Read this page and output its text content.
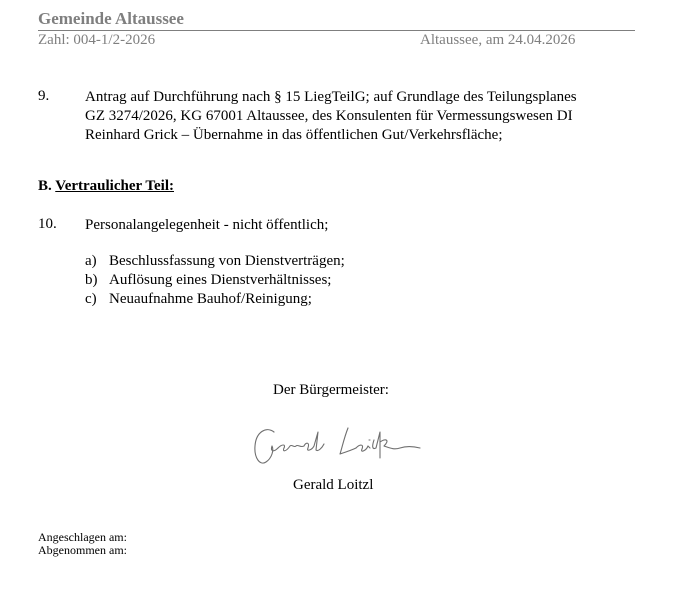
Gemeinde Altaussee
Zahl: 004-1/2-2026	Altaussee, am 24.04.2026
9. Antrag auf Durchführung nach § 15 LiegTeilG; auf Grundlage des Teilungsplanes
GZ 3274/2026, KG 67001 Altaussee, des Konsulenten für Vermessungswesen DI
Reinhard Grick – Übernahme in das öffentlichen Gut/Verkehrsfläche;
B. Vertraulicher Teil:
10. Personalangelegenheit - nicht öffentlich;
a) Beschlussfassung von Dienstverträgen;
b) Auflösung eines Dienstverhältnisses;
c) Neuaufnahme Bauhof/Reinigung;
Der Bürgermeister:
Gerald Loitzl
Angeschlagen am:
Abgenommen am:
